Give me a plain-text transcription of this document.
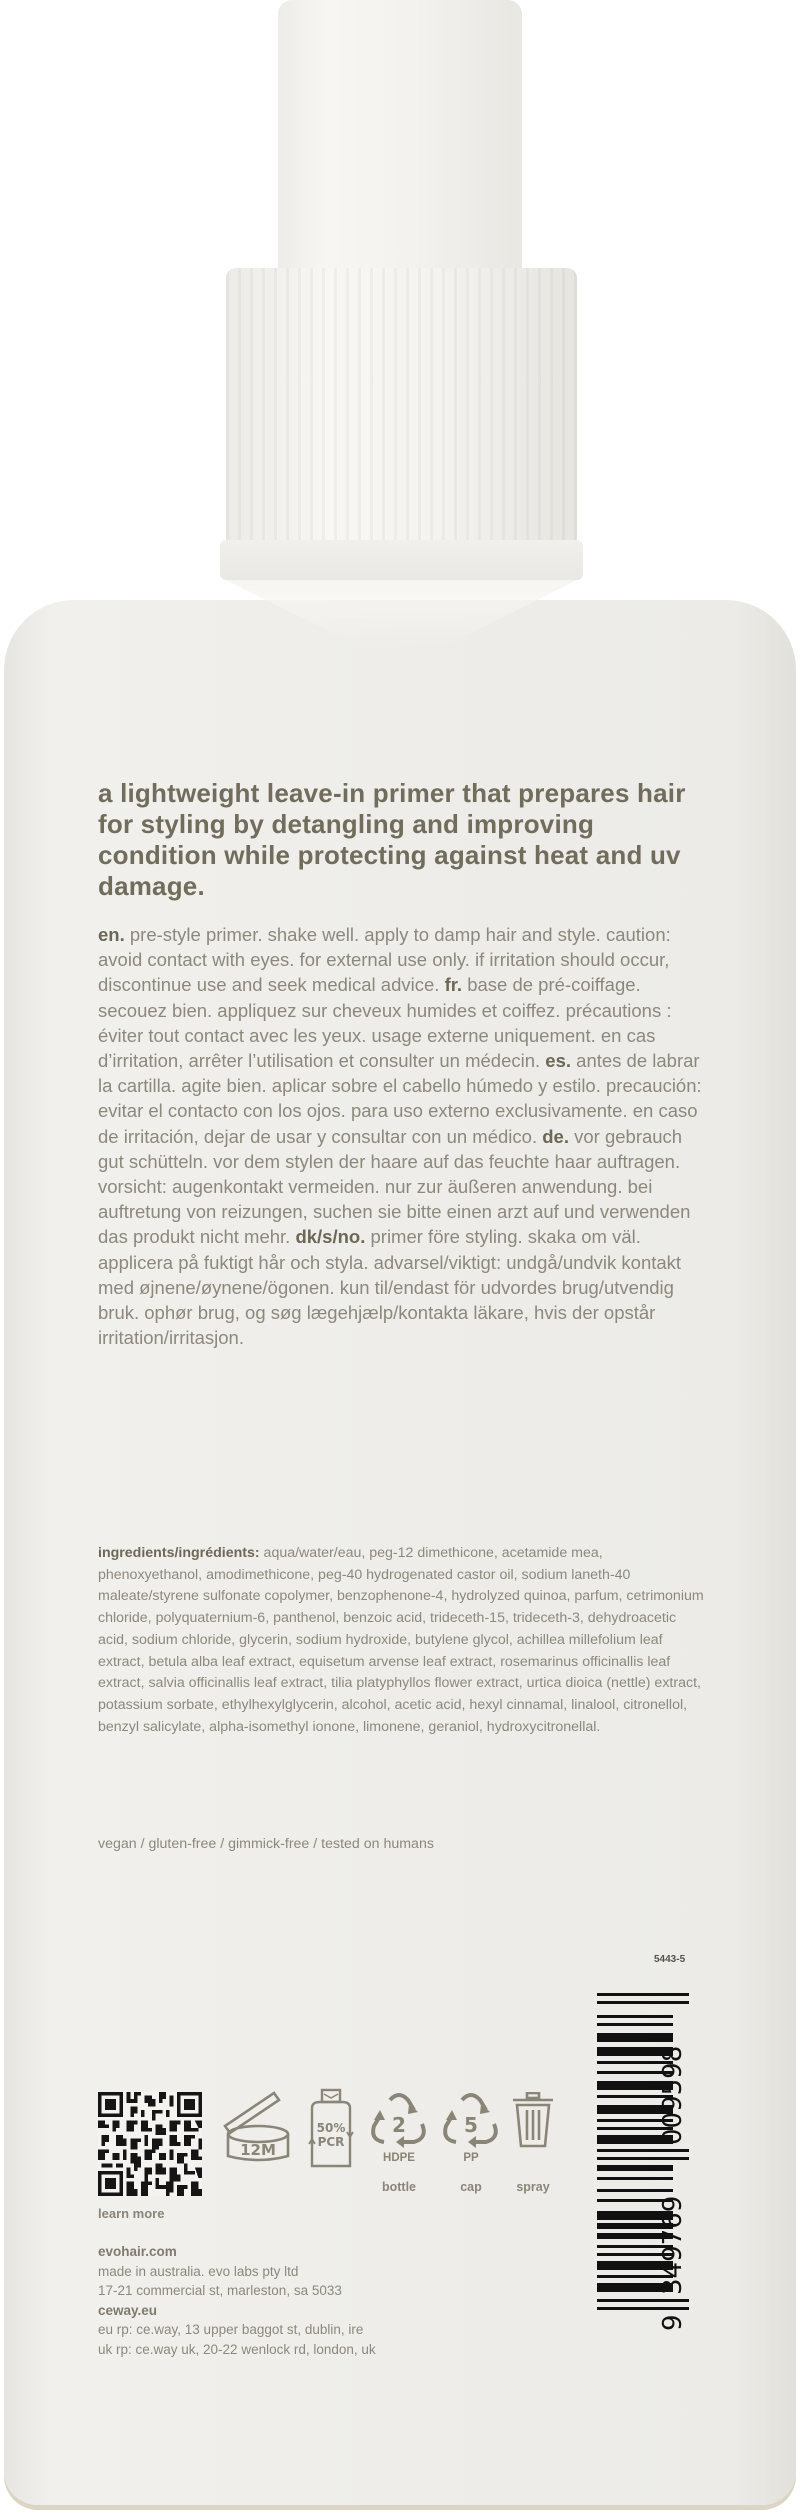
a lightweight leave-in primer that prepares hair for styling by detangling and improving condition while protecting against heat and uv damage.
en. pre-style primer. shake well. apply to damp hair and style. caution: avoid contact with eyes. for external use only. if irritation should occur, discontinue use and seek medical advice. fr. base de pré-coiffage. secouez bien. appliquez sur cheveux humides et coiffez. précautions : éviter tout contact avec les yeux. usage externe uniquement. en cas d’irritation, arrêter l’utilisation et consulter un médecin. es. antes de labrar la cartilla. agite bien. aplicar sobre el cabello húmedo y estilo. precaución: evitar el contacto con los ojos. para uso externo exclusivamente. en caso de irritación, dejar de usar y consultar con un médico. de. vor gebrauch gut schütteln. vor dem stylen der haare auf das feuchte haar auftragen. vorsicht: augenkontakt vermeiden. nur zur äußeren anwendung. bei auftretung von reizungen, suchen sie bitte einen arzt auf und verwenden das produkt nicht mehr. dk/s/no. primer före styling. skaka om väl. applicera på fuktigt hår och styla. advarsel/viktigt: undgå/undvik kontakt med øjnene/øynene/ögonen. kun til/endast för udvordes brug/utvendig bruk. ophør brug, og søg lægehjælp/kontakta läkare, hvis der opstår irritation/irritasjon.
ingredients/ingrédients: aqua/water/eau, peg-12 dimethicone, acetamide mea, phenoxyethanol, amodimethicone, peg-40 hydrogenated castor oil, sodium laneth-40 maleate/styrene sulfonate copolymer, benzophenone-4, hydrolyzed quinoa, parfum, cetrimonium chloride, polyquaternium-6, panthenol, benzoic acid, trideceth-15, trideceth-3, dehydroacetic acid, sodium chloride, glycerin, sodium hydroxide, butylene glycol, achillea millefolium leaf extract, betula alba leaf extract, equisetum arvense leaf extract, rosemarinus officinallis leaf extract, salvia officinallis leaf extract, tilia platyphyllos flower extract, urtica dioica (nettle) extract, potassium sorbate, ethylhexylglycerin, alcohol, acetic acid, hexyl cinnamal, linalool, citronellol, benzyl salicylate, alpha-isomethyl ionone, limonene, geraniol, hydroxycitronellal.
vegan / gluten-free / gimmick-free / tested on humans
5443-5
009598
349769
9
learn more
12M
50%
PCR
2
HDPE
bottle
5
PP
cap	spray
evohair.com
made in australia. evo labs pty ltd
17-21 commercial st, marleston, sa 5033
ceway.eu
eu rp: ce.way, 13 upper baggot st, dublin, ire
uk rp: ce.way uk, 20-22 wenlock rd, london, uk
